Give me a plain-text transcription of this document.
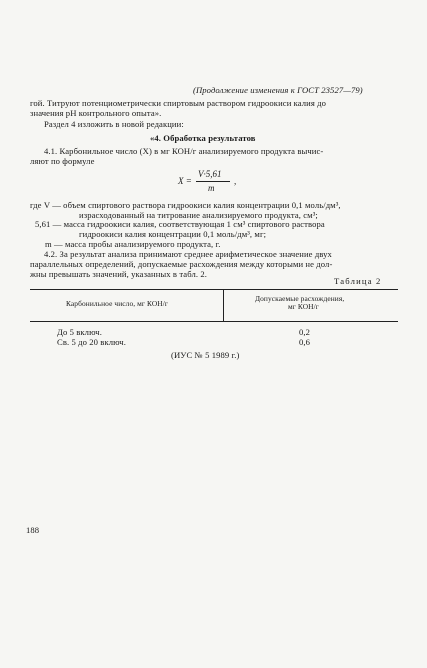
(Продолжение изменения к ГОСТ 23527—79)
гой. Титруют потенциометрически спиртовым раствором гидроокиси калия до
значения рН контрольного опыта».
Раздел 4 изложить в новой редакции:
«4. Обработка результатов
4.1. Карбонильное число (X) в мг КОН/г анализируемого продукта вычис-
ляют по формуле
X =
V·5,61
m
,
где V — объем спиртового раствора гидроокиси калия концентрации 0,1 моль/дм³,
израсходованный на титрование анализируемого продукта, см³;
5,61 — масса гидроокиси калия, соответствующая 1 см³ спиртового раствора
гидроокиси калия концентрации 0,1 моль/дм³, мг;
m — масса пробы анализируемого продукта, г.
4.2. За результат анализа принимают среднее арифметическое значение двух
параллельных определений, допускаемые расхождения между которыми не дол-
жны превышать значений, указанных в табл. 2.
Таблица 2
Карбонильное число, мг КОН/г
Допускаемые расхождения,
мг КОН/г
До 5 включ.	0,2
Св. 5 до 20 включ.	0,6
(ИУС № 5 1989 г.)
188
